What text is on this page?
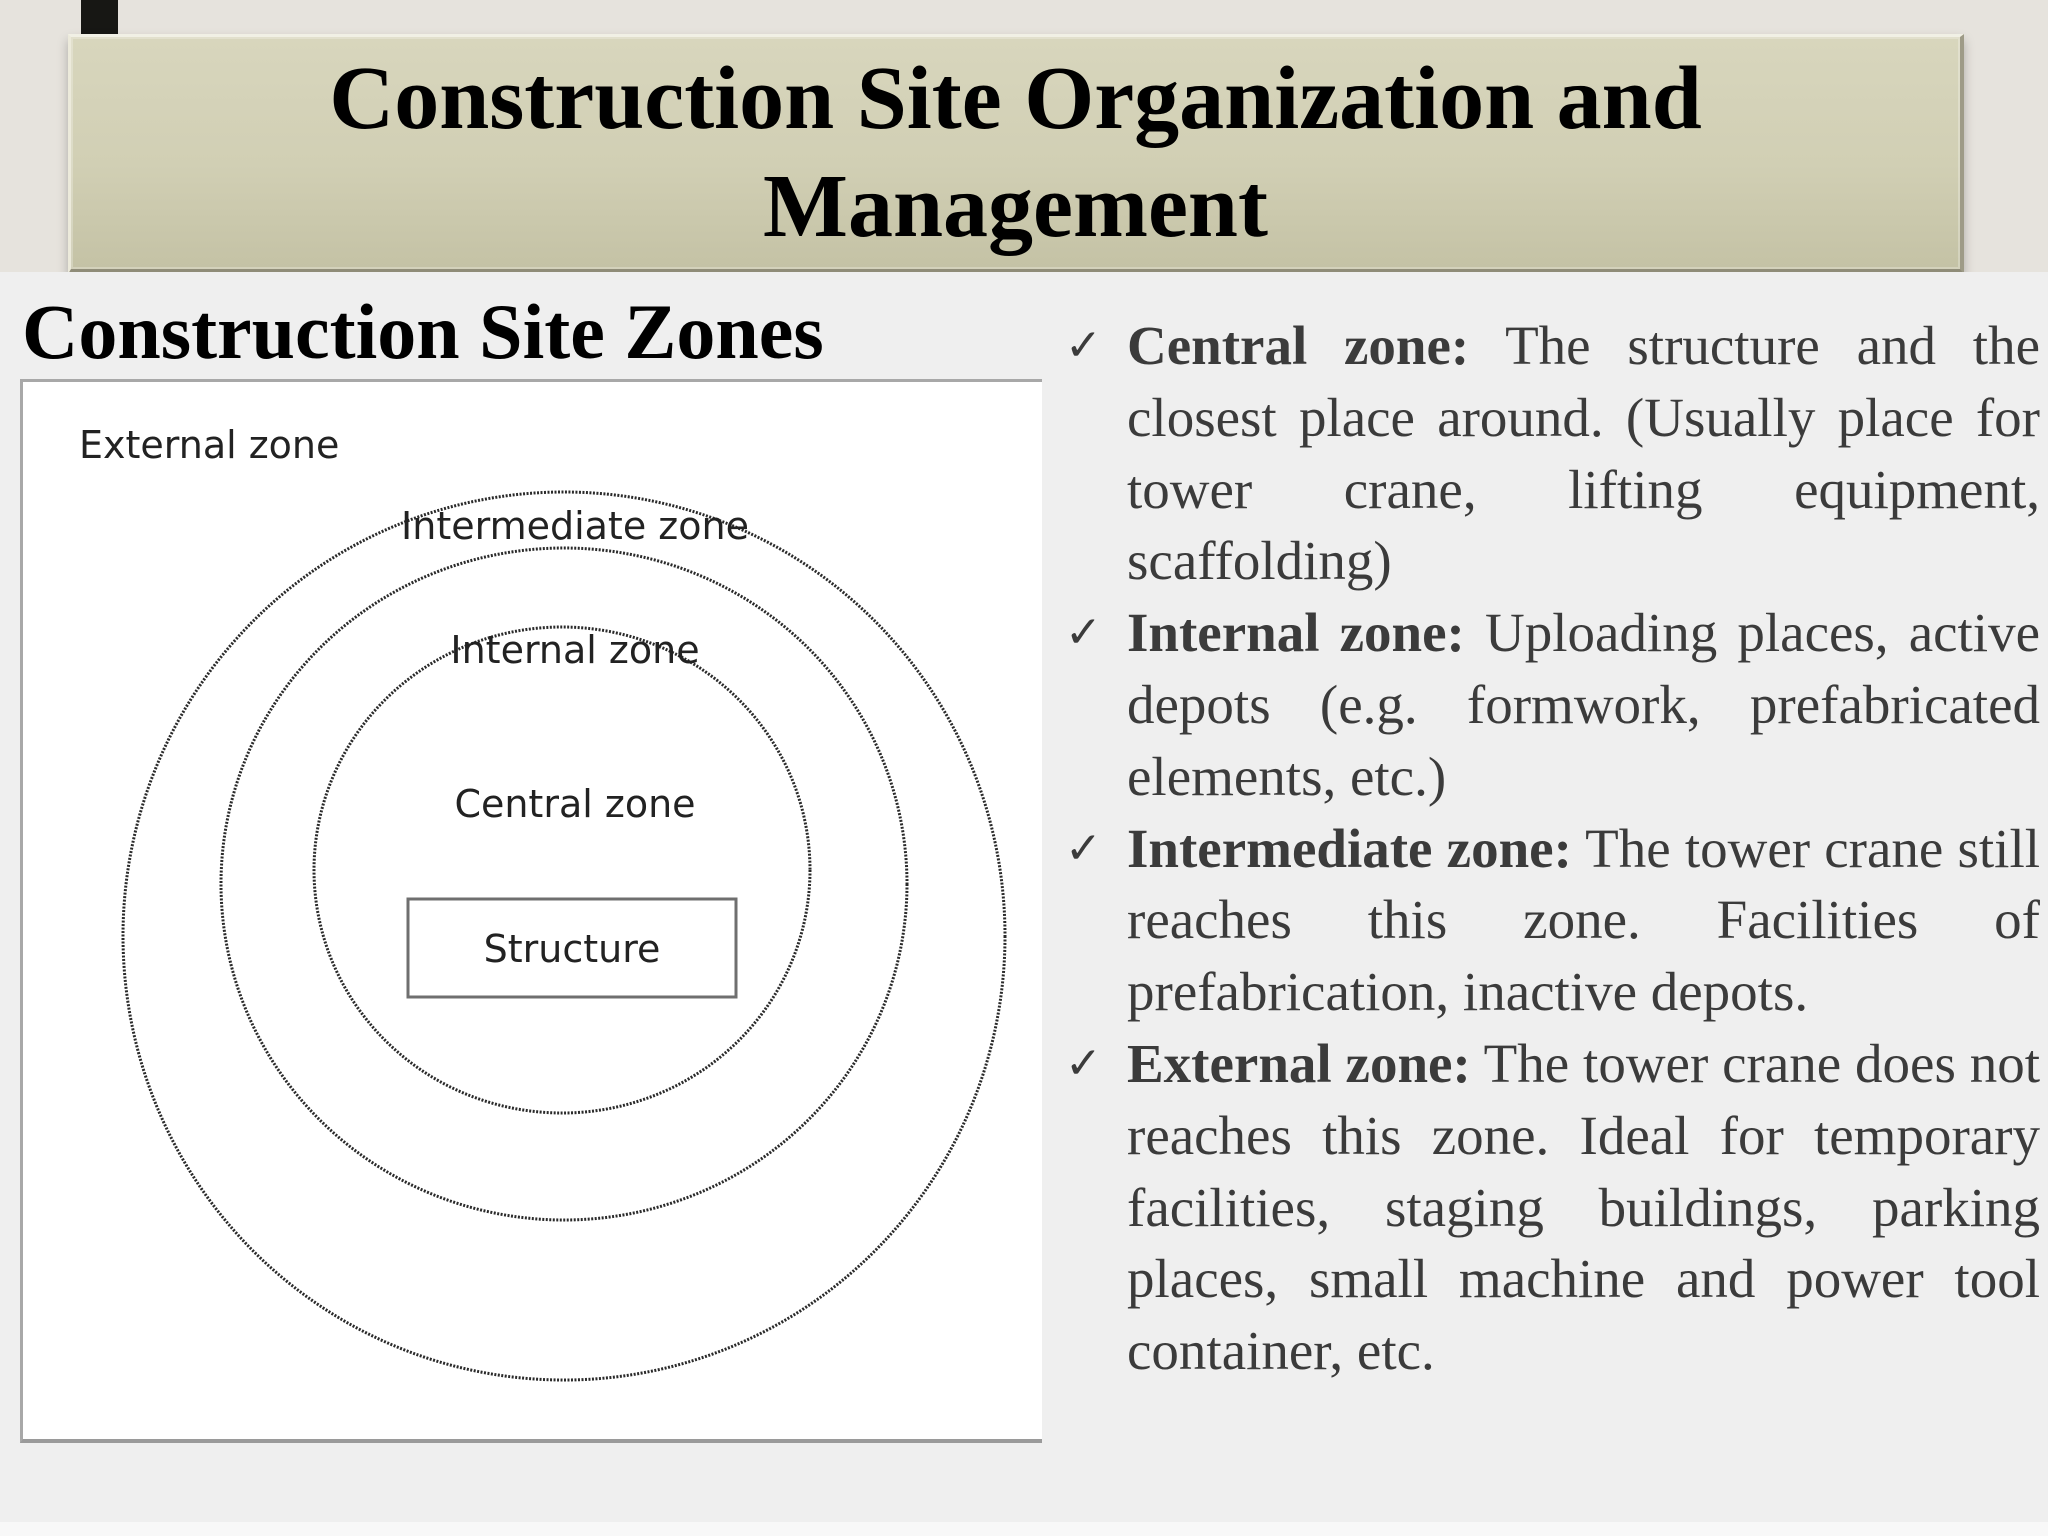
Construction Site Organization and Management
Construction Site Zones
External zone
Intermediate zone
Internal zone
Central zone
Structure
✓ Central zone: The structure and the closest place around. (Usually place for tower crane, lifting equipment, scaffolding)
✓ Internal zone: Uploading places, active depots (e.g. formwork, prefabricated elements, etc.)
✓ Intermediate zone: The tower crane still reaches this zone. Facilities of prefabrication, inactive depots.
✓ External zone: The tower crane does not reaches this zone. Ideal for temporary facilities, staging buildings, parking places, small machine and power tool container, etc.
